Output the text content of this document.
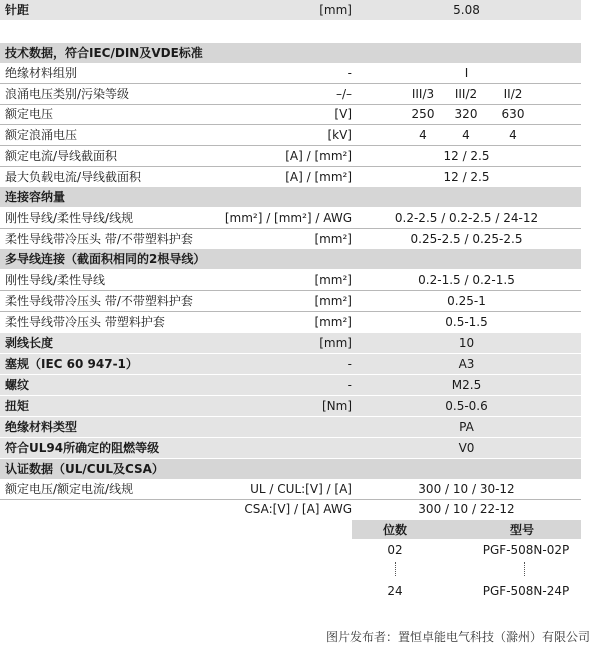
针距	[mm]	5.08
技术数据，符合IEC/DIN及VDE标准
绝缘材料组别	-	I
浪涌电压类别/污染等级	–/–	III/3	III/2	II/2
额定电压	[V]	250	320	630
额定浪涌电压	[kV]	4	4	4
额定电流/导线截面积	[A] / [mm²]	12 / 2.5
最大负载电流/导线截面积	[A] / [mm²]	12 / 2.5
连接容纳量
刚性导线/柔性导线/线规	[mm²] / [mm²] / AWG	0.2-2.5 / 0.2-2.5 / 24-12
柔性导线带冷压头 带/不带塑料护套	[mm²]	0.25-2.5 / 0.25-2.5
多导线连接（截面积相同的2根导线）
刚性导线/柔性导线	[mm²]	0.2-1.5 / 0.2-1.5
柔性导线带冷压头 带/不带塑料护套	[mm²]	0.25-1
柔性导线带冷压头 带塑料护套	[mm²]	0.5-1.5
剥线长度	[mm]	10
塞规（IEC 60 947-1）	-	A3
螺纹	-	M2.5
扭矩	[Nm]	0.5-0.6
绝缘材料类型	PA
符合UL94所确定的阻燃等级	V0
认证数据（UL/CUL及CSA）
额定电压/额定电流/线规	UL / CUL:[V] / [A]	300 / 10 / 30-12
CSA:[V] / [A] AWG	300 / 10 / 22-12
位数	型号
02	PGF-508N-02P
24	PGF-508N-24P
图片发布者：置恒卓能电气科技（滁州）有限公司
